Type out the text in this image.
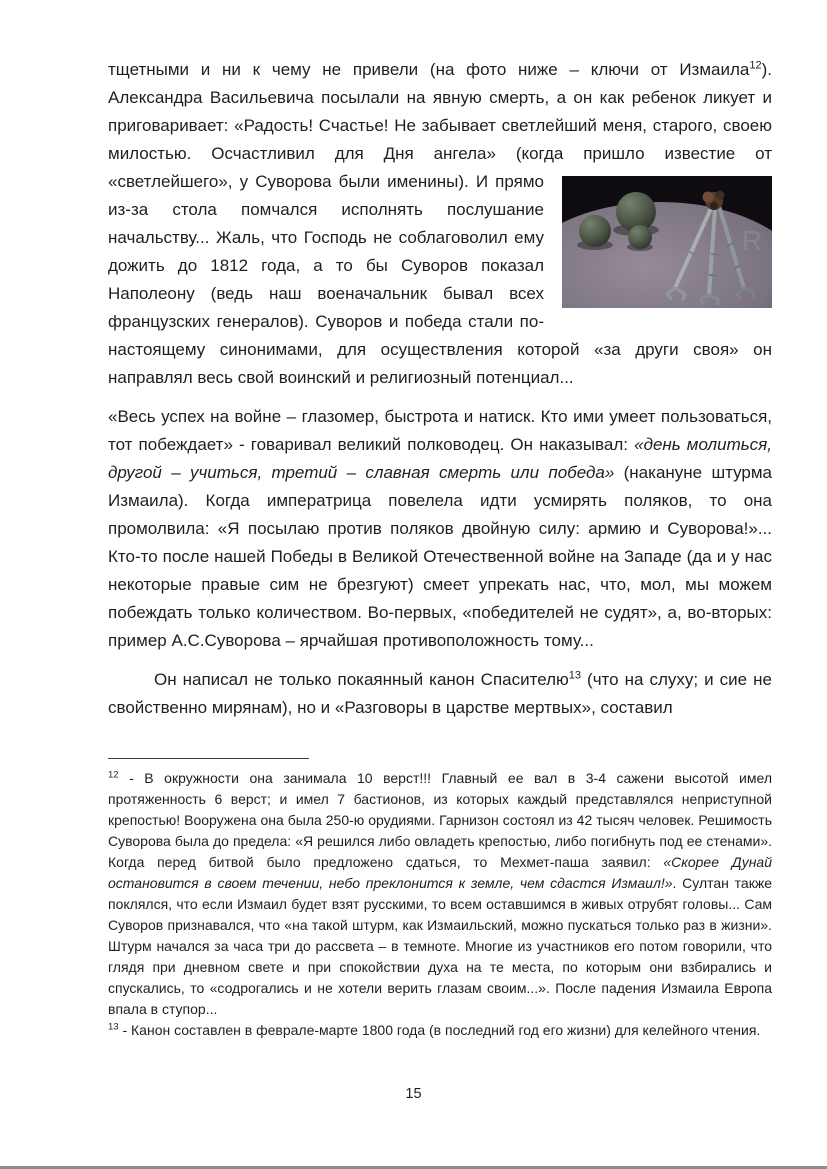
R
тщетными и ни к чему не привели (на фото ниже – ключи от Измаила$^{12}$). Александра Васильевича посылали на явную смерть, а он как ребенок ликует и приговаривает: «Радость! Счастье! Не забывает светлейший меня, старого, своею милостью. Осчастливил для Дня ангела» (когда пришло известие от «светлейшего», у Суворова были именины). И прямо из-за стола помчался исполнять послушание начальству... Жаль, что Господь не соблаговолил ему дожить до 1812 года, а то бы Суворов показал Наполеону (ведь наш военачальник бывал всех французских генералов). Суворов и победа стали по-настоящему синонимами, для осуществления которой «за други своя» он направлял весь свой воинский и религиозный потенциал...

«Весь успех на войне – глазомер, быстрота и натиск. Кто ими умеет пользоваться, тот побеждает» - говаривал великий полководец. Он наказывал: «день молиться, другой – учиться, третий – славная смерть или победа» (накануне штурма Измаила). Когда императрица повелела идти усмирять поляков, то она промолвила: «Я посылаю против поляков двойную силу: армию и Суворова!»... Кто-то после нашей Победы в Великой Отечественной войне на Западе (да и у нас некоторые правые сим не брезгуют) смеет упрекать нас, что, мол, мы можем побеждать только количеством. Во-первых, «победителей не судят», а, во-вторых: пример А.С.Суворова – ярчайшая противоположность тому...

Он написал не только покаянный канон Спасителю$^{13}$ (что на слуху; и сие не свойственно мирянам), но и «Разговоры в царстве мертвых», составил

$^{12}$ - В окружности она занимала 10 верст!!! Главный ее вал в 3-4 сажени высотой имел протяженность 6 верст; и имел 7 бастионов, из которых каждый представлялся неприступной крепостью! Вооружена она была 250-ю орудиями. Гарнизон состоял из 42 тысяч человек. Решимость Суворова была до предела: «Я решился либо овладеть крепостью, либо погибнуть под ее стенами». Когда перед битвой было предложено сдаться, то Мехмет-паша заявил: «Скорее Дунай остановится в своем течении, небо преклонится к земле, чем сдастся Измаил!». Султан также поклялся, что если Измаил будет взят русскими, то всем оставшимся в живых отрубят головы... Сам Суворов признавался, что «на такой штурм, как Измаильский, можно пускаться только раз в жизни». Штурм начался за часа три до рассвета – в темноте. Многие из участников его потом говорили, что глядя при дневном свете и при спокойствии духа на те места, по которым они взбирались и спускались, то «содрогались и не хотели верить глазам своим...». После падения Измаила Европа впала в ступор...

$^{13}$ - Канон составлен в феврале-марте 1800 года (в последний год его жизни) для келейного чтения.

15
